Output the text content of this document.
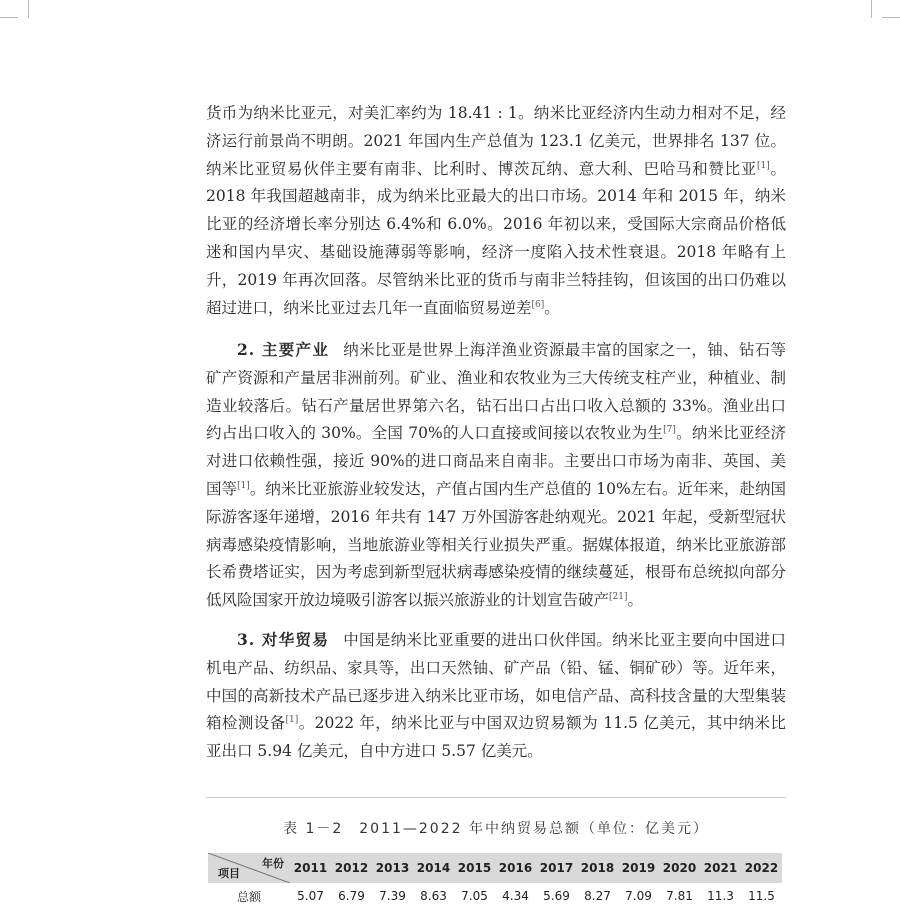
货币为纳米比亚元，对美汇率约为 18.41 : 1。纳米比亚经济内生动力相对不足，经济运行前景尚不明朗。2021 年国内生产总值为 123.1 亿美元，世界排名 137 位。纳米比亚贸易伙伴主要有南非、比利时、博茨瓦纳、意大利、巴哈马和赞比亚[1]。2018 年我国超越南非，成为纳米比亚最大的出口市场。2014 年和 2015 年，纳米比亚的经济增长率分别达 6.4%和 6.0%。2016 年初以来，受国际大宗商品价格低迷和国内旱灾、基础设施薄弱等影响，经济一度陷入技术性衰退。2018 年略有上升，2019 年再次回落。尽管纳米比亚的货币与南非兰特挂钩，但该国的出口仍难以超过进口，纳米比亚过去几年一直面临贸易逆差[6]。

2. 主要产业 纳米比亚是世界上海洋渔业资源最丰富的国家之一，铀、钻石等矿产资源和产量居非洲前列。矿业、渔业和农牧业为三大传统支柱产业，种植业、制造业较落后。钻石产量居世界第六名，钻石出口占出口收入总额的 33%。渔业出口约占出口收入的 30%。全国 70%的人口直接或间接以农牧业为生[7]。纳米比亚经济对进口依赖性强，接近 90%的进口商品来自南非。主要出口市场为南非、英国、美国等[1]。纳米比亚旅游业较发达，产值占国内生产总值的 10%左右。近年来，赴纳国际游客逐年递增，2016 年共有 147 万外国游客赴纳观光。2021 年起，受新型冠状病毒感染疫情影响，当地旅游业等相关行业损失严重。据媒体报道，纳米比亚旅游部长希费塔证实，因为考虑到新型冠状病毒感染疫情的继续蔓延，根哥布总统拟向部分低风险国家开放边境吸引游客以振兴旅游业的计划宣告破产[21]。

3. 对华贸易 中国是纳米比亚重要的进出口伙伴国。纳米比亚主要向中国进口机电产品、纺织品、家具等，出口天然铀、矿产品（铅、锰、铜矿砂）等。近年来，中国的高新技术产品已逐步进入纳米比亚市场，如电信产品、高科技含量的大型集装箱检测设备[1]。2022 年，纳米比亚与中国双边贸易额为 11.5 亿美元，其中纳米比亚出口 5.94 亿美元，自中方进口 5.57 亿美元。

表 1－2　2011—2022 年中纳贸易总额（单位：亿美元）
年份
项目	2011	2012	2013	2014	2015	2016	2017	2018	2019	2020	2021	2022
总额	5.07	6.79	7.39	8.63	7.05	4.34	5.69	8.27	7.09	7.81	11.3	11.5
